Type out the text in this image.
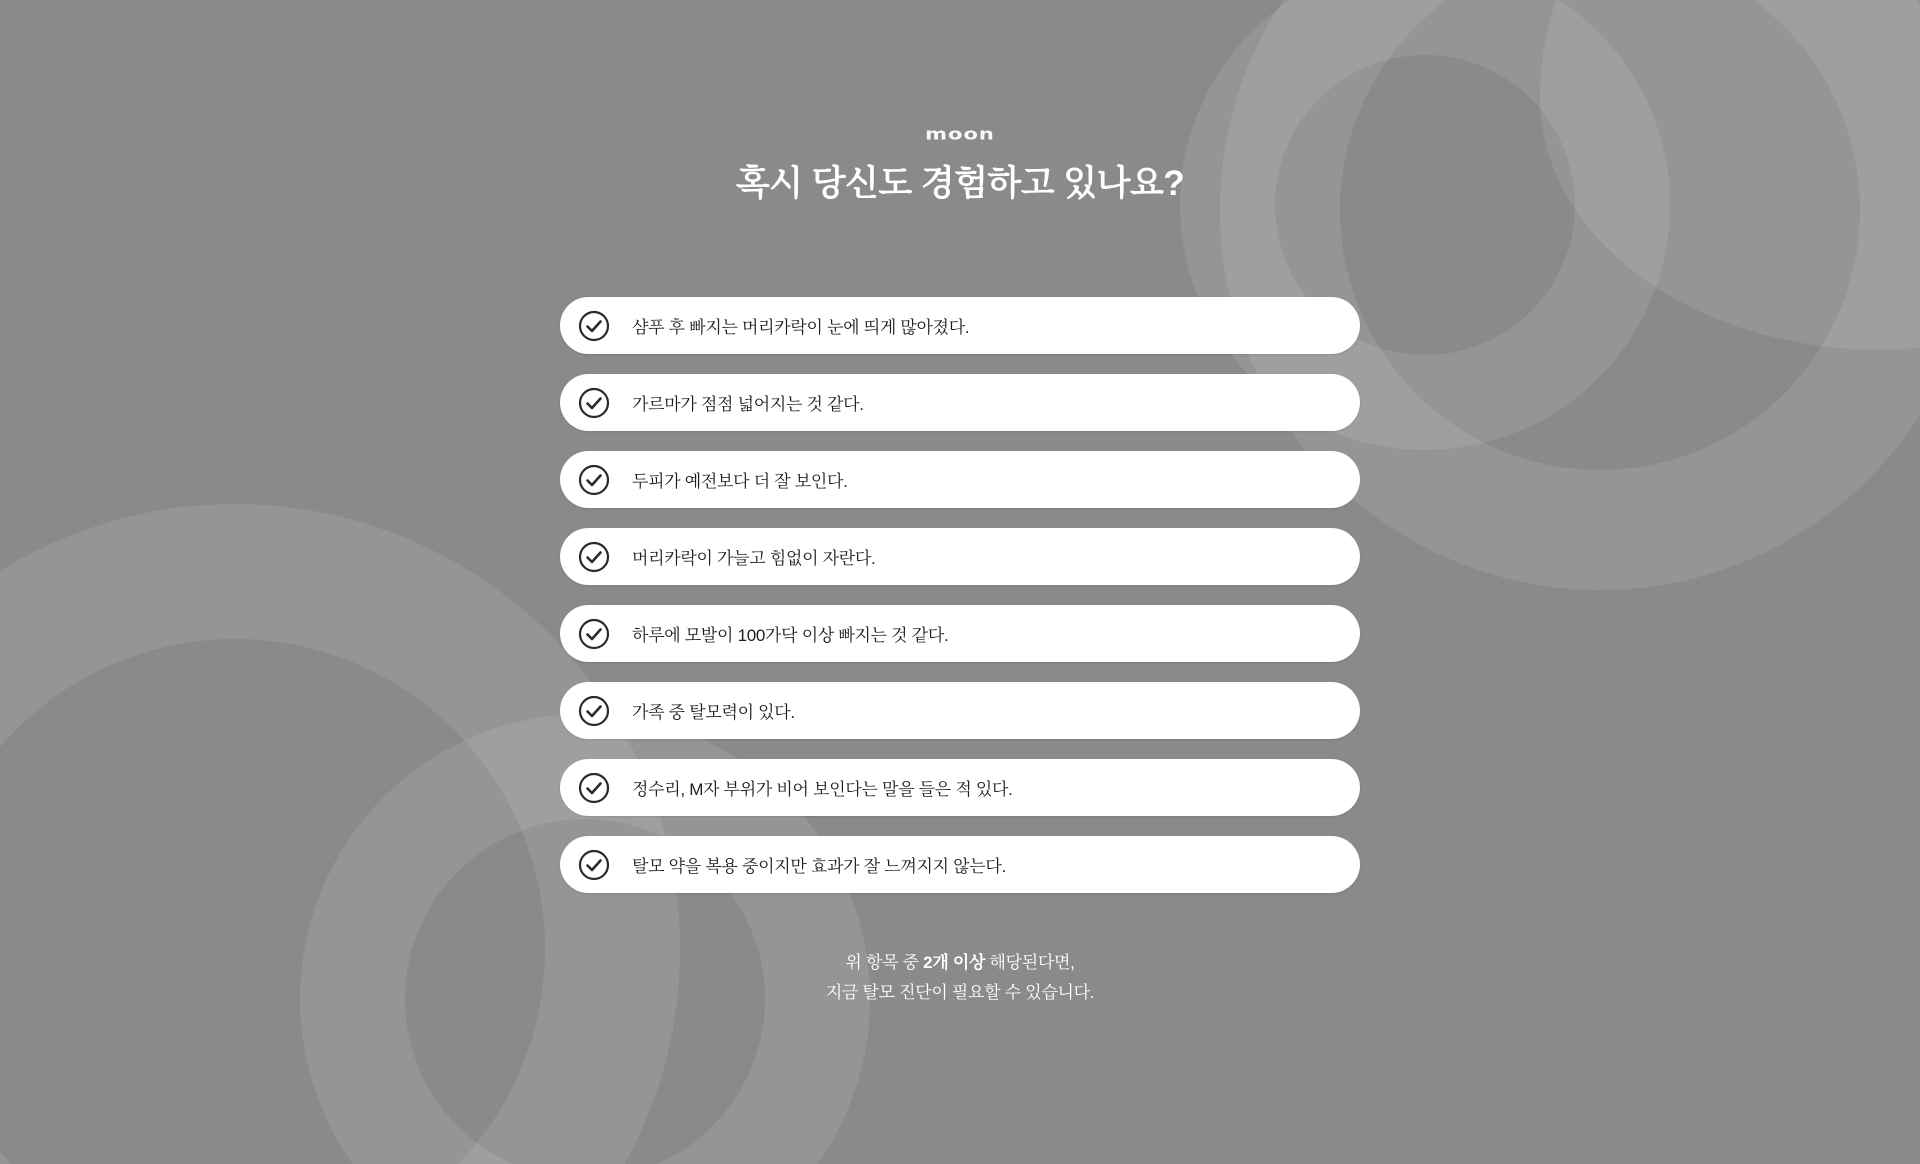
moon
혹시 당신도 경험하고 있나요?
샴푸 후 빠지는 머리카락이 눈에 띄게 많아졌다.
가르마가 점점 넓어지는 것 같다.
두피가 예전보다 더 잘 보인다.
머리카락이 가늘고 힘없이 자란다.
하루에 모발이 100가닥 이상 빠지는 것 같다.
가족 중 탈모력이 있다.
정수리, M자 부위가 비어 보인다는 말을 들은 적 있다.
탈모 약을 복용 중이지만 효과가 잘 느껴지지 않는다.
위 항목 중 2개 이상 해당된다면,
지금 탈모 진단이 필요할 수 있습니다.
